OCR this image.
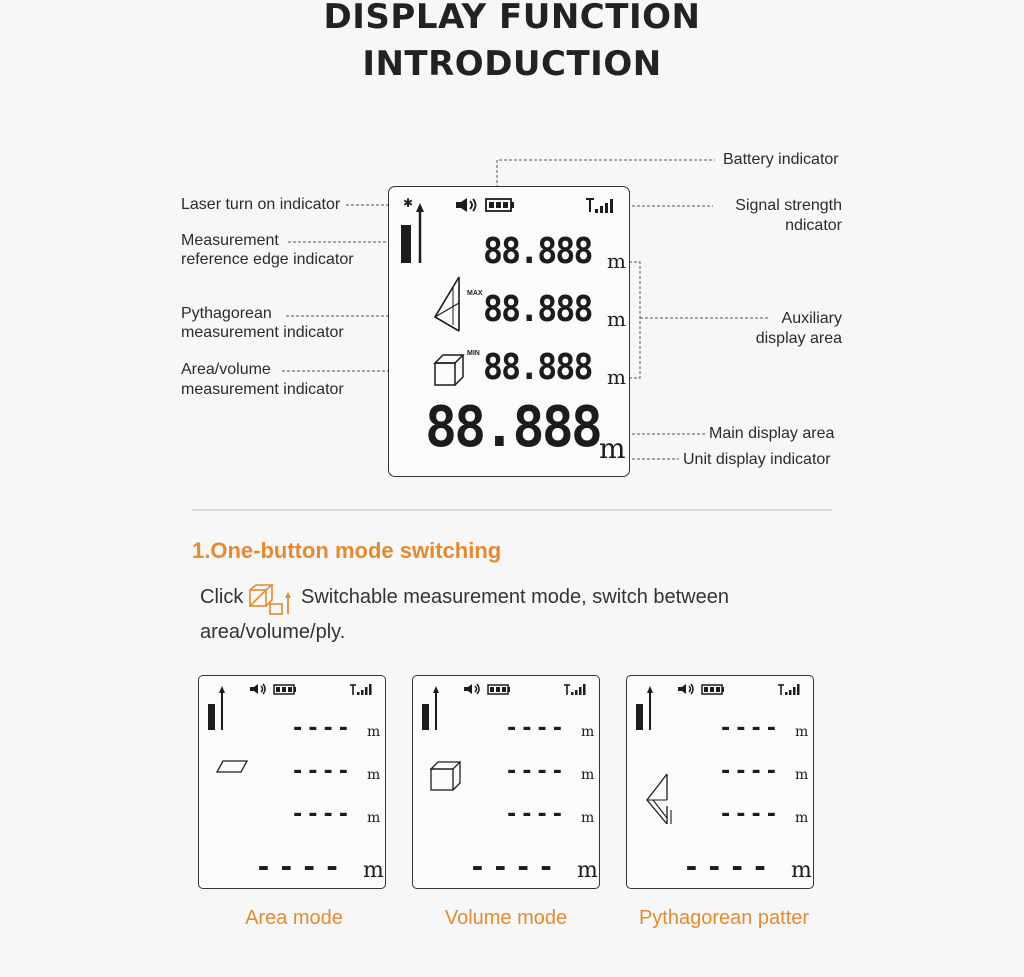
DISPLAY FUNCTION
INTRODUCTION
Battery indicator
Laser turn on indicator	Signal strength
ndicator
Measurement
reference edge indicator
Pythagorean
measurement indicator
Auxiliary
display area
Area/volume
measurement indicator
Main display area
Unit display indicator
✱
88.888 m
MAX 88.888 m
MIN 88.888 m
88.888
m
1.One-button mode switching
Click	Switchable measurement mode, switch between
area/volume/ply.
---- m
---- m
---- m
---- m
---- m
---- m
---- m
---- m
---- m
---- m
---- m
---- m
Area mode	Volume mode	Pythagorean patter
